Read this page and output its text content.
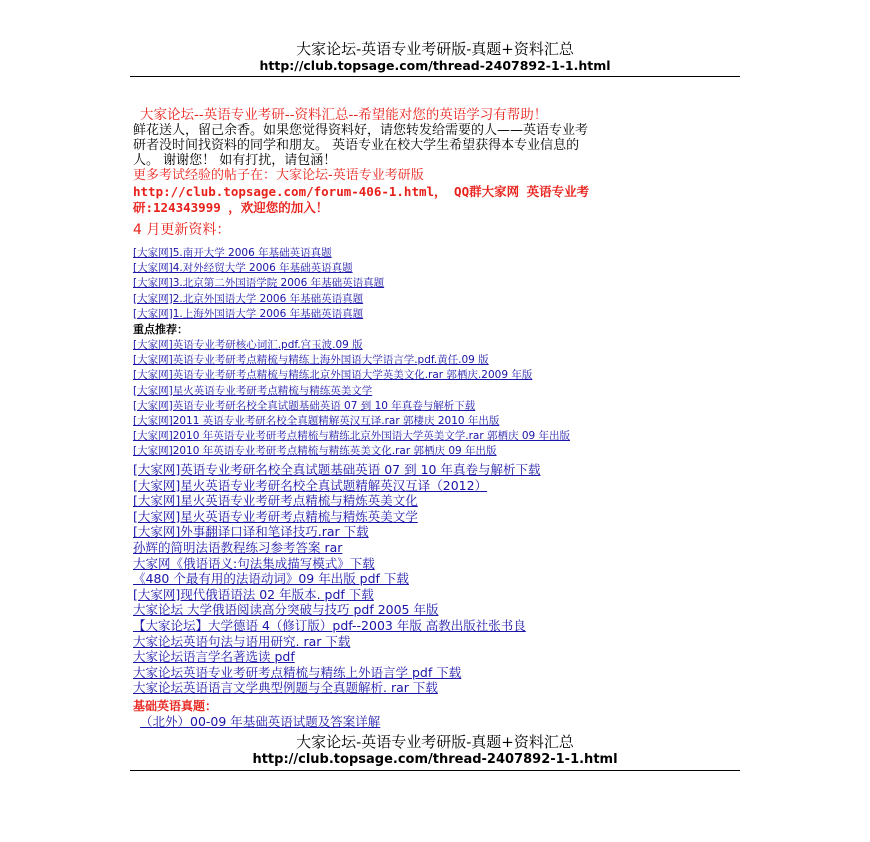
大家论坛-英语专业考研版-真题+资料汇总
http://club.topsage.com/thread-2407892-1-1.html
大家论坛--英语专业考研--资料汇总--希望能对您的英语学习有帮助！
鲜花送人，留己余香。如果您觉得资料好，请您转发给需要的人——英语专业考
研者没时间找资料的同学和朋友。 英语专业在校大学生希望获得本专业信息的
人。 谢谢您！ 如有打扰，请包涵！
更多考试经验的帖子在：大家论坛-英语专业考研版
http://club.topsage.com/forum-406-1.html， QQ群大家网 英语专业考
研:124343999 ，欢迎您的加入！
4 月更新资料：
[大家网]5.南开大学 2006 年基础英语真题
[大家网]4.对外经贸大学 2006 年基础英语真题
[大家网]3.北京第二外国语学院 2006 年基础英语真题
[大家网]2.北京外国语大学 2006 年基础英语真题
[大家网]1.上海外国语大学 2006 年基础英语真题
重点推荐：
[大家网]英语专业考研核心词汇.pdf.宫玉波.09 版
[大家网]英语专业考研考点精梳与精练上海外国语大学语言学.pdf.黄任.09 版
[大家网]英语专业考研考点精梳与精练北京外国语大学英美文化.rar 郭栖庆.2009 年版
[大家网]星火英语专业考研考点精梳与精练英美文学
[大家网]英语专业考研名校全真试题基础英语 07 到 10 年真卷与解析下载
[大家网]2011 英语专业考研名校全真题精解英汉互译.rar 郭棲庆 2010 年出版
[大家网]2010 年英语专业考研考点精梳与精练北京外国语大学英美文学.rar 郭栖庆 09 年出版
[大家网]2010 年英语专业考研考点精梳与精练英美文化.rar 郭栖庆 09 年出版
[大家网]英语专业考研名校全真试题基础英语 07 到 10 年真卷与解析下载
[大家网]星火英语专业考研名校全真试题精解英汉互译（2012）
[大家网]星火英语专业考研考点精梳与精炼英美文化
[大家网]星火英语专业考研考点精梳与精炼英美文学
[大家网]外事翻译口译和笔译技巧.rar 下载
孙辉的简明法语教程练习参考答案 rar
大家网《俄语语义:句法集成描写模式》下载
《480 个最有用的法语动词》09 年出版 pdf 下载
[大家网]现代俄语语法 02 年版本. pdf 下载
大家论坛 大学俄语阅读高分突破与技巧 pdf 2005 年版
【大家论坛】大学德语 4（修订版）pdf--2003 年版 高教出版社张书良
大家论坛英语句法与语用研究. rar 下载
大家论坛语言学名著选读 pdf
大家论坛英语专业考研考点精梳与精练上外语言学 pdf 下载
大家论坛英语语言文学典型例题与全真题解析. rar 下载
基础英语真题：
（北外）00-09 年基础英语试题及答案详解
大家论坛-英语专业考研版-真题+资料汇总
http://club.topsage.com/thread-2407892-1-1.html
